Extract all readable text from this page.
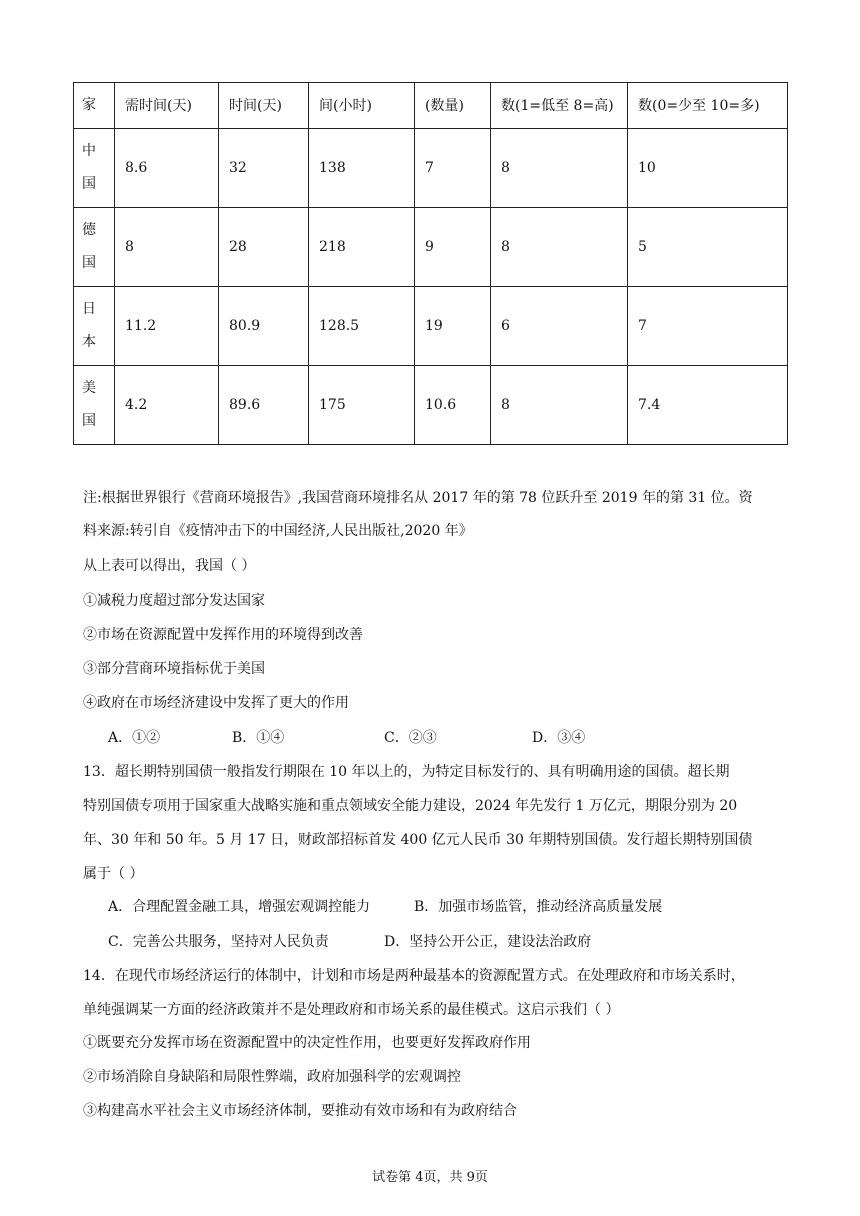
家	需时间(天)	时间(天)	间(小时)	(数量)	数(1=低至 8=高)	数(0=少至 10=多)

中
国	8.6	32	138	7	8	10

德
国	8	28	218	9	8	5

日
本	11.2	80.9	128.5	19	6	7

美
国	4.2	89.6	175	10.6	8	7.4
注:根据世界银行《营商环境报告》,我国营商环境排名从 2017 年的第 78 位跃升至 2019 年的第 31 位。资
料来源:转引自《疫情冲击下的中国经济,人民出版社,2020 年》
从上表可以得出，我国（ ）
①减税力度超过部分发达国家
②市场在资源配置中发挥作用的环境得到改善
③部分营商环境指标优于美国
④政府在市场经济建设中发挥了更大的作用
A．①②	B．①④	C．②③	D．③④
13．超长期特别国债一般指发行期限在 10 年以上的，为特定目标发行的、具有明确用途的国债。超长期
特别国债专项用于国家重大战略实施和重点领域安全能力建设，2024 年先发行 1 万亿元，期限分别为 20
年、30 年和 50 年。5 月 17 日，财政部招标首发 400 亿元人民币 30 年期特别国债。发行超长期特别国债
属于（ ）
A．合理配置金融工具，增强宏观调控能力	B．加强市场监管，推动经济高质量发展
C．完善公共服务，坚持对人民负责	D．坚持公开公正，建设法治政府
14．在现代市场经济运行的体制中，计划和市场是两种最基本的资源配置方式。在处理政府和市场关系时，
单纯强调某一方面的经济政策并不是处理政府和市场关系的最佳模式。这启示我们（ ）
①既要充分发挥市场在资源配置中的决定性作用，也要更好发挥政府作用
②市场消除自身缺陷和局限性弊端，政府加强科学的宏观调控
③构建高水平社会主义市场经济体制，要推动有效市场和有为政府结合
试卷第 4页，共 9页
